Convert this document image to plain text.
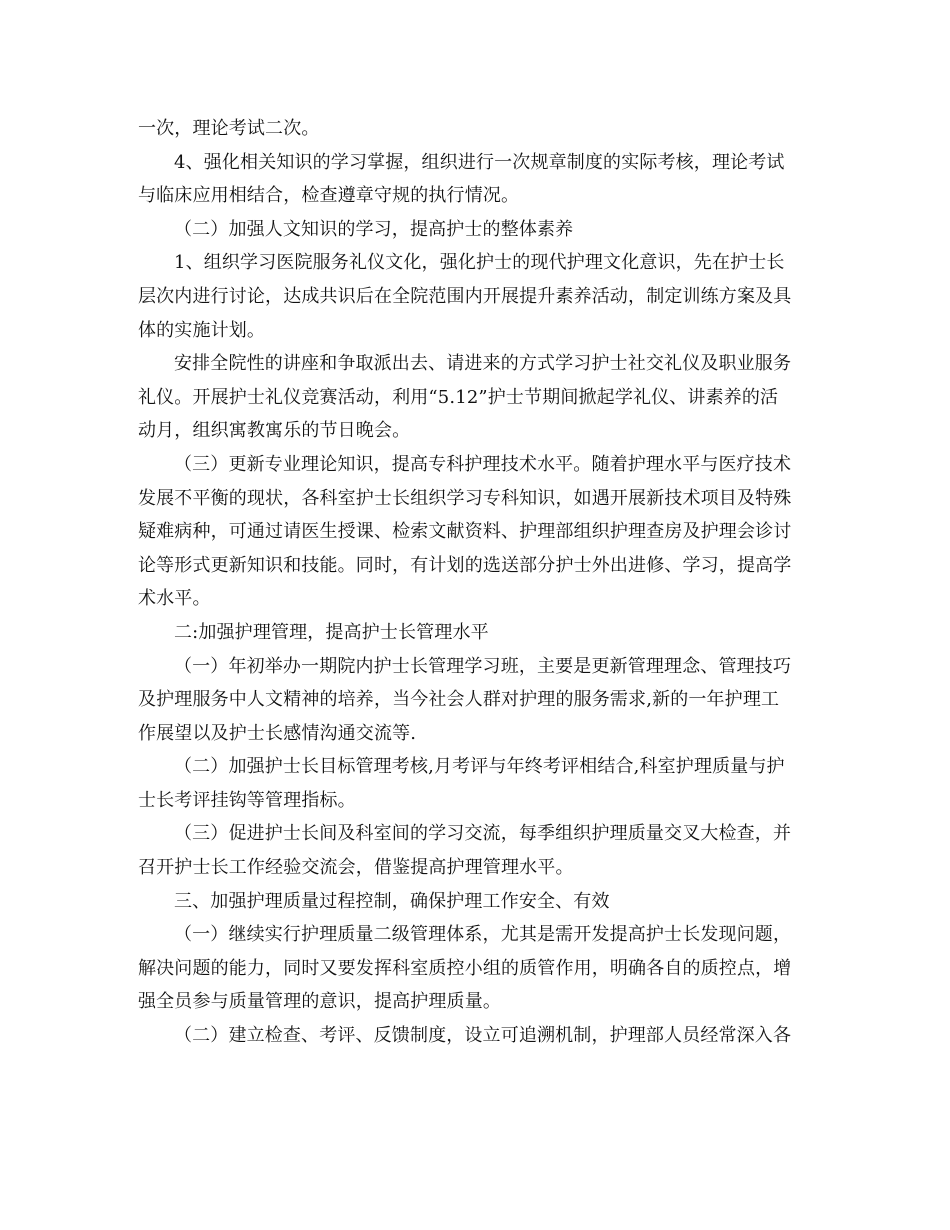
一次，理论考试二次。

4、强化相关知识的学习掌握，组织进行一次规章制度的实际考核，理论考试
与临床应用相结合，检查遵章守规的执行情况。

（二）加强人文知识的学习，提高护士的整体素养

1、组织学习医院服务礼仪文化，强化护士的现代护理文化意识，先在护士长
层次内进行讨论，达成共识后在全院范围内开展提升素养活动，制定训练方案及具
体的实施计划。

安排全院性的讲座和争取派出去、请进来的方式学习护士社交礼仪及职业服务
礼仪。开展护士礼仪竞赛活动，利用“5.12”护士节期间掀起学礼仪、讲素养的活
动月，组织寓教寓乐的节日晚会。

（三）更新专业理论知识，提高专科护理技术水平。随着护理水平与医疗技术
发展不平衡的现状，各科室护士长组织学习专科知识，如遇开展新技术项目及特殊
疑难病种，可通过请医生授课、检索文献资料、护理部组织护理查房及护理会诊讨
论等形式更新知识和技能。同时，有计划的选送部分护士外出进修、学习，提高学
术水平。

二:加强护理管理，提高护士长管理水平

（一）年初举办一期院内护士长管理学习班，主要是更新管理理念、管理技巧
及护理服务中人文精神的培养，当今社会人群对护理的服务需求,新的一年护理工
作展望以及护士长感情沟通交流等.

（二）加强护士长目标管理考核,月考评与年终考评相结合,科室护理质量与护
士长考评挂钩等管理指标。

（三）促进护士长间及科室间的学习交流，每季组织护理质量交叉大检查，并
召开护士长工作经验交流会，借鉴提高护理管理水平。

三、加强护理质量过程控制，确保护理工作安全、有效

（一）继续实行护理质量二级管理体系，尤其是需开发提高护士长发现问题，
解决问题的能力，同时又要发挥科室质控小组的质管作用，明确各自的质控点，增
强全员参与质量管理的意识，提高护理质量。

（二）建立检查、考评、反馈制度，设立可追溯机制，护理部人员经常深入各
